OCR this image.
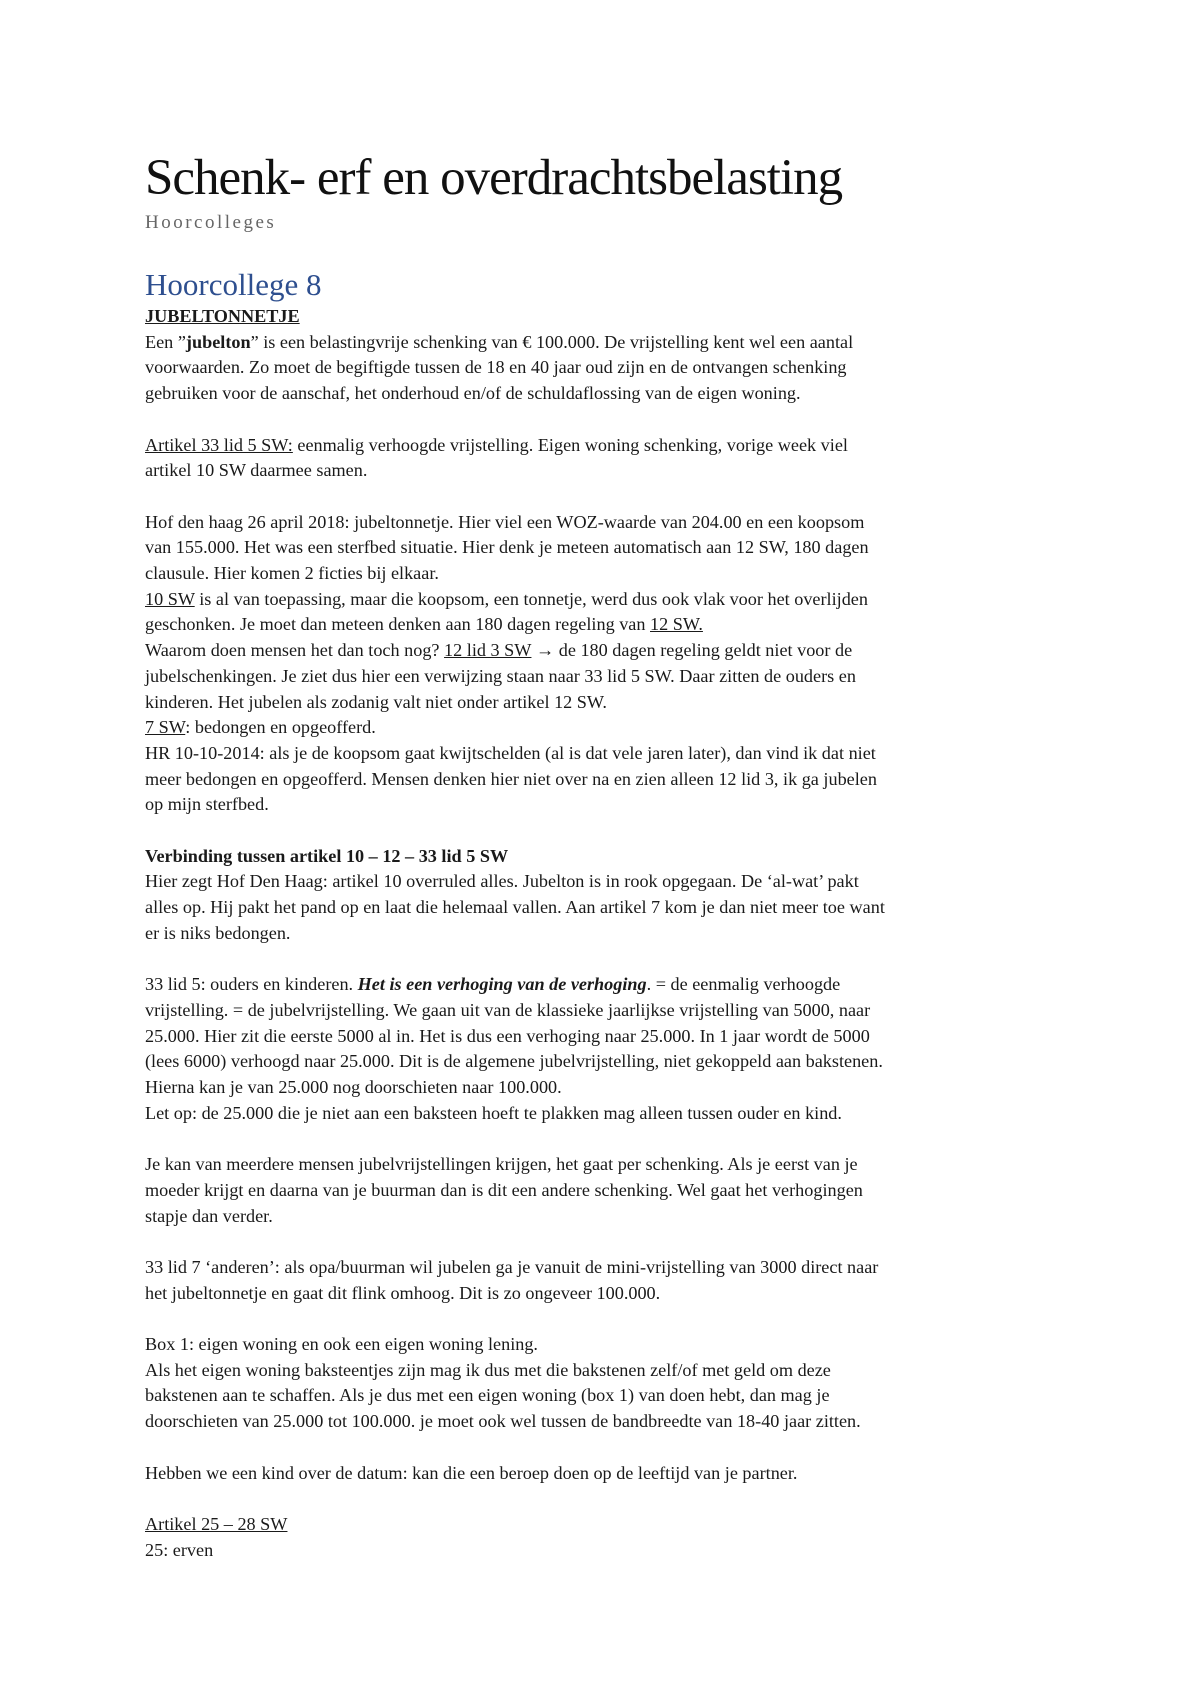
Schenk- erf en overdrachtsbelasting

Hoorcolleges

Hoorcollege 8

JUBELTONNETJE

Een ”jubelton” is een belastingvrije schenking van € 100.000. De vrijstelling kent wel een aantal

voorwaarden. Zo moet de begiftigde tussen de 18 en 40 jaar oud zijn en de ontvangen schenking

gebruiken voor de aanschaf, het onderhoud en/of de schuldaflossing van de eigen woning.

Artikel 33 lid 5 SW: eenmalig verhoogde vrijstelling. Eigen woning schenking, vorige week viel

artikel 10 SW daarmee samen.

Hof den haag 26 april 2018: jubeltonnetje. Hier viel een WOZ-waarde van 204.00 en een koopsom

van 155.000. Het was een sterfbed situatie. Hier denk je meteen automatisch aan 12 SW, 180 dagen

clausule. Hier komen 2 ficties bij elkaar.

10 SW is al van toepassing, maar die koopsom, een tonnetje, werd dus ook vlak voor het overlijden

geschonken. Je moet dan meteen denken aan 180 dagen regeling van 12 SW.

Waarom doen mensen het dan toch nog? 12 lid 3 SW → de 180 dagen regeling geldt niet voor de

jubelschenkingen. Je ziet dus hier een verwijzing staan naar 33 lid 5 SW. Daar zitten de ouders en

kinderen. Het jubelen als zodanig valt niet onder artikel 12 SW.

7 SW: bedongen en opgeofferd.

HR 10-10-2014: als je de koopsom gaat kwijtschelden (al is dat vele jaren later), dan vind ik dat niet

meer bedongen en opgeofferd. Mensen denken hier niet over na en zien alleen 12 lid 3, ik ga jubelen

op mijn sterfbed.

Verbinding tussen artikel 10 – 12 – 33 lid 5 SW

Hier zegt Hof Den Haag: artikel 10 overruled alles. Jubelton is in rook opgegaan. De ‘al-wat’ pakt

alles op. Hij pakt het pand op en laat die helemaal vallen. Aan artikel 7 kom je dan niet meer toe want

er is niks bedongen.

33 lid 5: ouders en kinderen. Het is een verhoging van de verhoging. = de eenmalig verhoogde

vrijstelling. = de jubelvrijstelling. We gaan uit van de klassieke jaarlijkse vrijstelling van 5000, naar

25.000. Hier zit die eerste 5000 al in. Het is dus een verhoging naar 25.000. In 1 jaar wordt de 5000

(lees 6000) verhoogd naar 25.000. Dit is de algemene jubelvrijstelling, niet gekoppeld aan bakstenen.

Hierna kan je van 25.000 nog doorschieten naar 100.000.

Let op: de 25.000 die je niet aan een baksteen hoeft te plakken mag alleen tussen ouder en kind.

Je kan van meerdere mensen jubelvrijstellingen krijgen, het gaat per schenking. Als je eerst van je

moeder krijgt en daarna van je buurman dan is dit een andere schenking. Wel gaat het verhogingen

stapje dan verder.

33 lid 7 ‘anderen’: als opa/buurman wil jubelen ga je vanuit de mini-vrijstelling van 3000 direct naar

het jubeltonnetje en gaat dit flink omhoog. Dit is zo ongeveer 100.000.

Box 1: eigen woning en ook een eigen woning lening.

Als het eigen woning baksteentjes zijn mag ik dus met die bakstenen zelf/of met geld om deze

bakstenen aan te schaffen. Als je dus met een eigen woning (box 1) van doen hebt, dan mag je

doorschieten van 25.000 tot 100.000. je moet ook wel tussen de bandbreedte van 18-40 jaar zitten.

Hebben we een kind over de datum: kan die een beroep doen op de leeftijd van je partner.

Artikel 25 – 28 SW

25: erven
